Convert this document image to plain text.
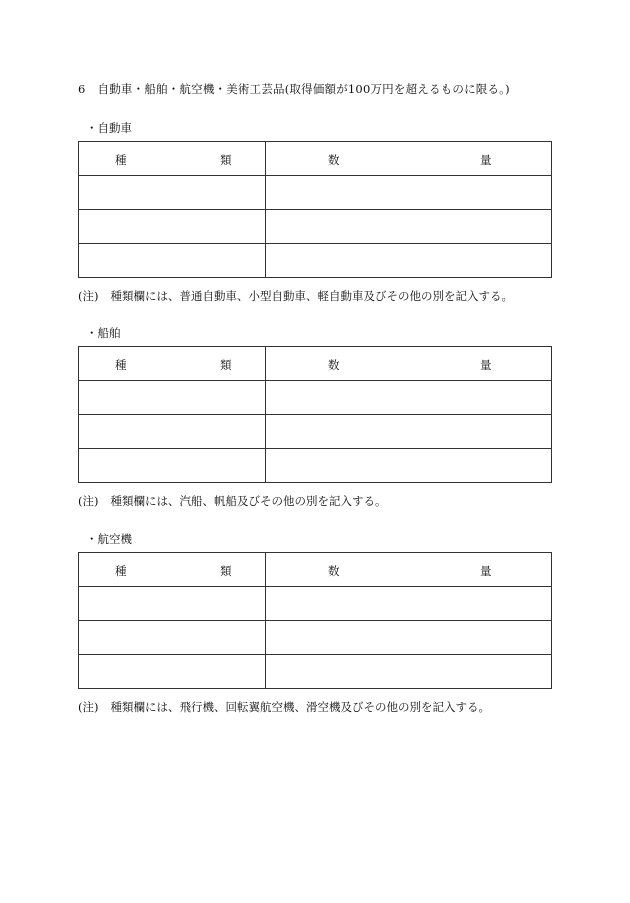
6 自動車・船舶・航空機・美術工芸品(取得価額が100万円を超えるものに限る。)
・自動車
種 類	数 量

(注) 種類欄には、普通自動車、小型自動車、軽自動車及びその他の別を記入する。
・船舶
種 類	数 量

(注) 種類欄には、汽船、帆船及びその他の別を記入する。
・航空機
種 類	数 量

(注) 種類欄には、飛行機、回転翼航空機、滑空機及びその他の別を記入する。
